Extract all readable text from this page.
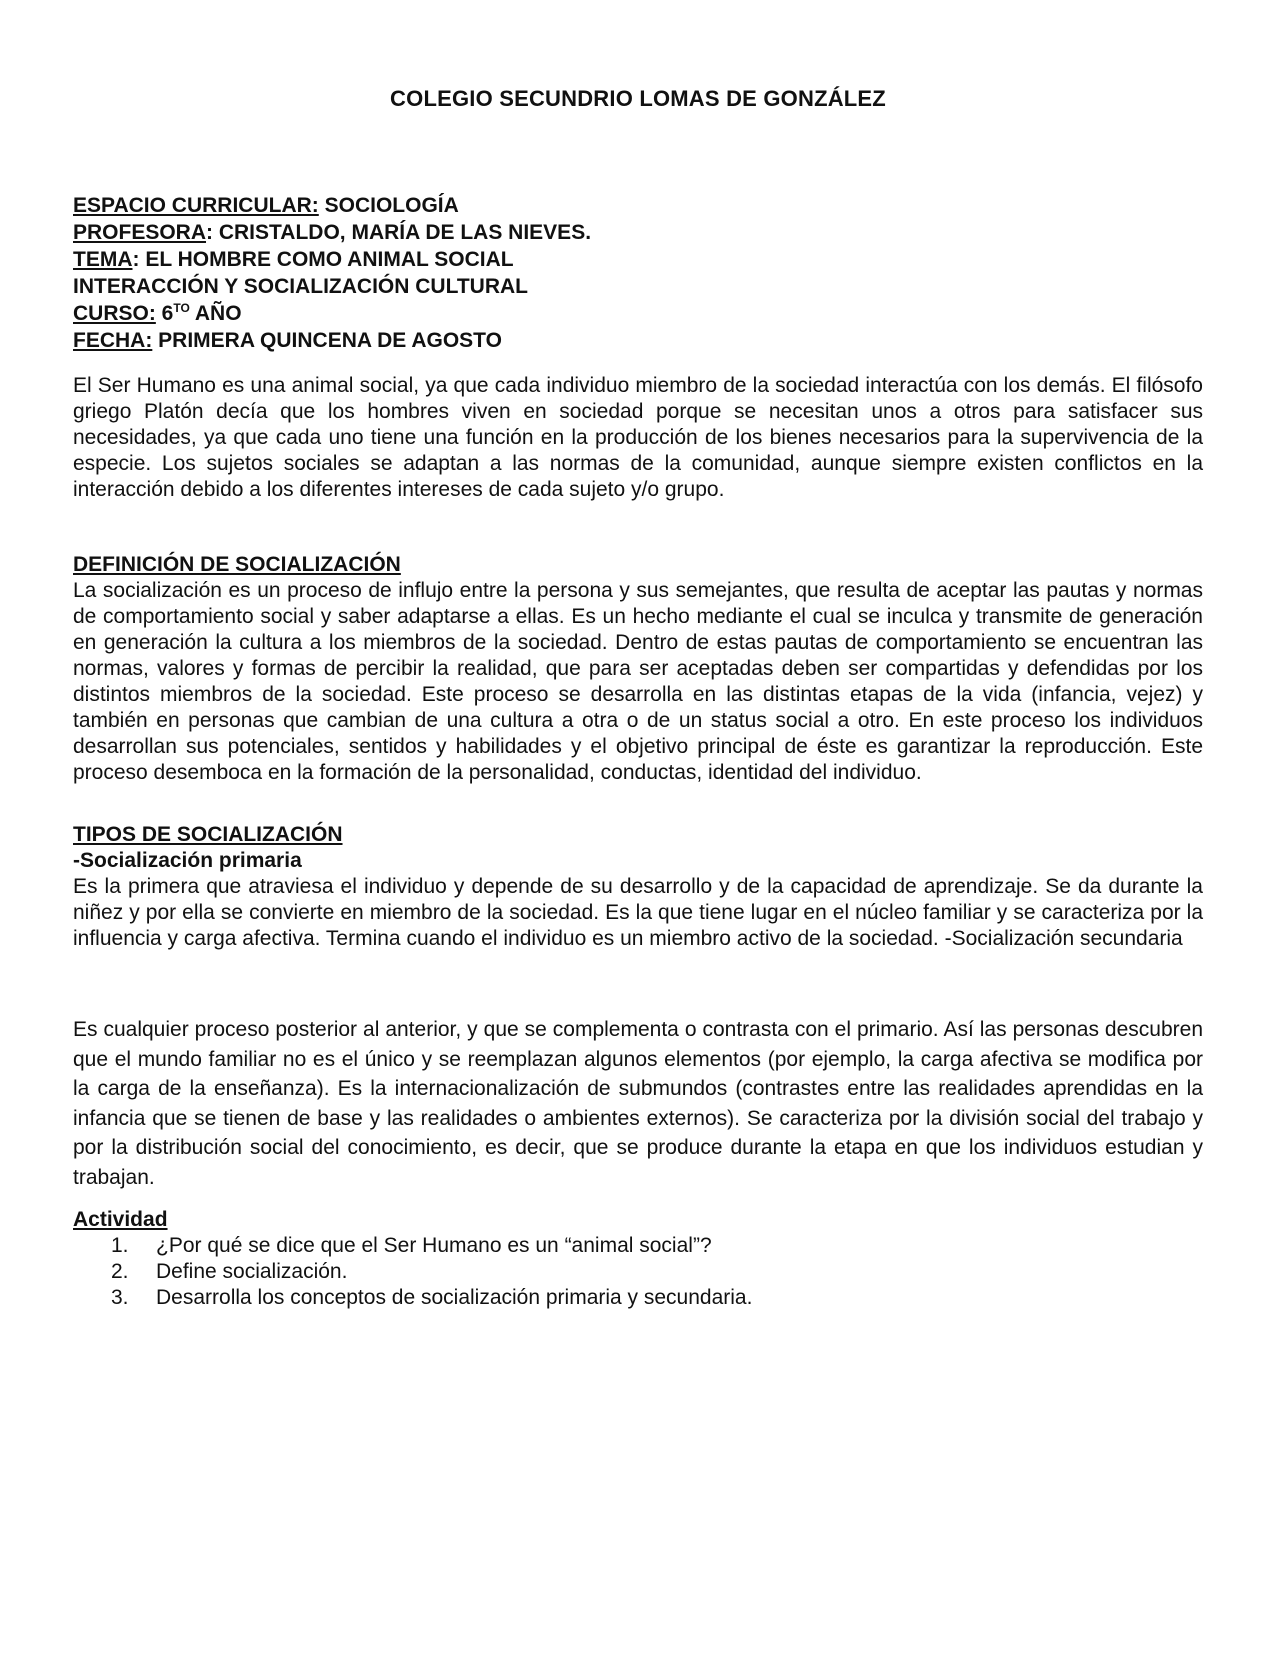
COLEGIO SECUNDRIO LOMAS DE GONZÁLEZ
ESPACIO CURRICULAR: SOCIOLOGÍA
PROFESORA: CRISTALDO, MARÍA DE LAS NIEVES.
TEMA: EL HOMBRE COMO ANIMAL SOCIAL
INTERACCIÓN Y SOCIALIZACIÓN CULTURAL
CURSO: $6^{TO}$ AÑO
FECHA: PRIMERA QUINCENA DE AGOSTO

El Ser Humano es una animal social, ya que cada individuo miembro de la sociedad interactúa con los demás. El filósofo griego Platón decía que los hombres viven en sociedad porque se necesitan unos a otros para satisfacer sus necesidades, ya que cada uno tiene una función en la producción de los bienes necesarios para la supervivencia de la especie. Los sujetos sociales se adaptan a las normas de la comunidad, aunque siempre existen conflictos en la interacción debido a los diferentes intereses de cada sujeto y/o grupo.

DEFINICIÓN DE SOCIALIZACIÓN

La socialización es un proceso de influjo entre la persona y sus semejantes, que resulta de aceptar las pautas y normas de comportamiento social y saber adaptarse a ellas. Es un hecho mediante el cual se inculca y transmite de generación en generación la cultura a los miembros de la sociedad. Dentro de estas pautas de comportamiento se encuentran las normas, valores y formas de percibir la realidad, que para ser aceptadas deben ser compartidas y defendidas por los distintos miembros de la sociedad. Este proceso se desarrolla en las distintas etapas de la vida (infancia, vejez) y también en personas que cambian de una cultura a otra o de un status social a otro. En este proceso los individuos desarrollan sus potenciales, sentidos y habilidades y el objetivo principal de éste es garantizar la reproducción. Este proceso desemboca en la formación de la personalidad, conductas, identidad del individuo.

TIPOS DE SOCIALIZACIÓN
-Socialización primaria

Es la primera que atraviesa el individuo y depende de su desarrollo y de la capacidad de aprendizaje. Se da durante la niñez y por ella se convierte en miembro de la sociedad. Es la que tiene lugar en el núcleo familiar y se caracteriza por la influencia y carga afectiva. Termina cuando el individuo es un miembro activo de la sociedad. -Socialización secundaria

Es cualquier proceso posterior al anterior, y que se complementa o contrasta con el primario. Así las personas descubren que el mundo familiar no es el único y se reemplazan algunos elementos (por ejemplo, la carga afectiva se modifica por la carga de la enseñanza). Es la internacionalización de submundos (contrastes entre las realidades aprendidas en la infancia que se tienen de base y las realidades o ambientes externos). Se caracteriza por la división social del trabajo y por la distribución social del conocimiento, es decir, que se produce durante la etapa en que los individuos estudian y trabajan.

Actividad
1. ¿Por qué se dice que el Ser Humano es un “animal social”?
2. Define socialización.
3. Desarrolla los conceptos de socialización primaria y secundaria.
